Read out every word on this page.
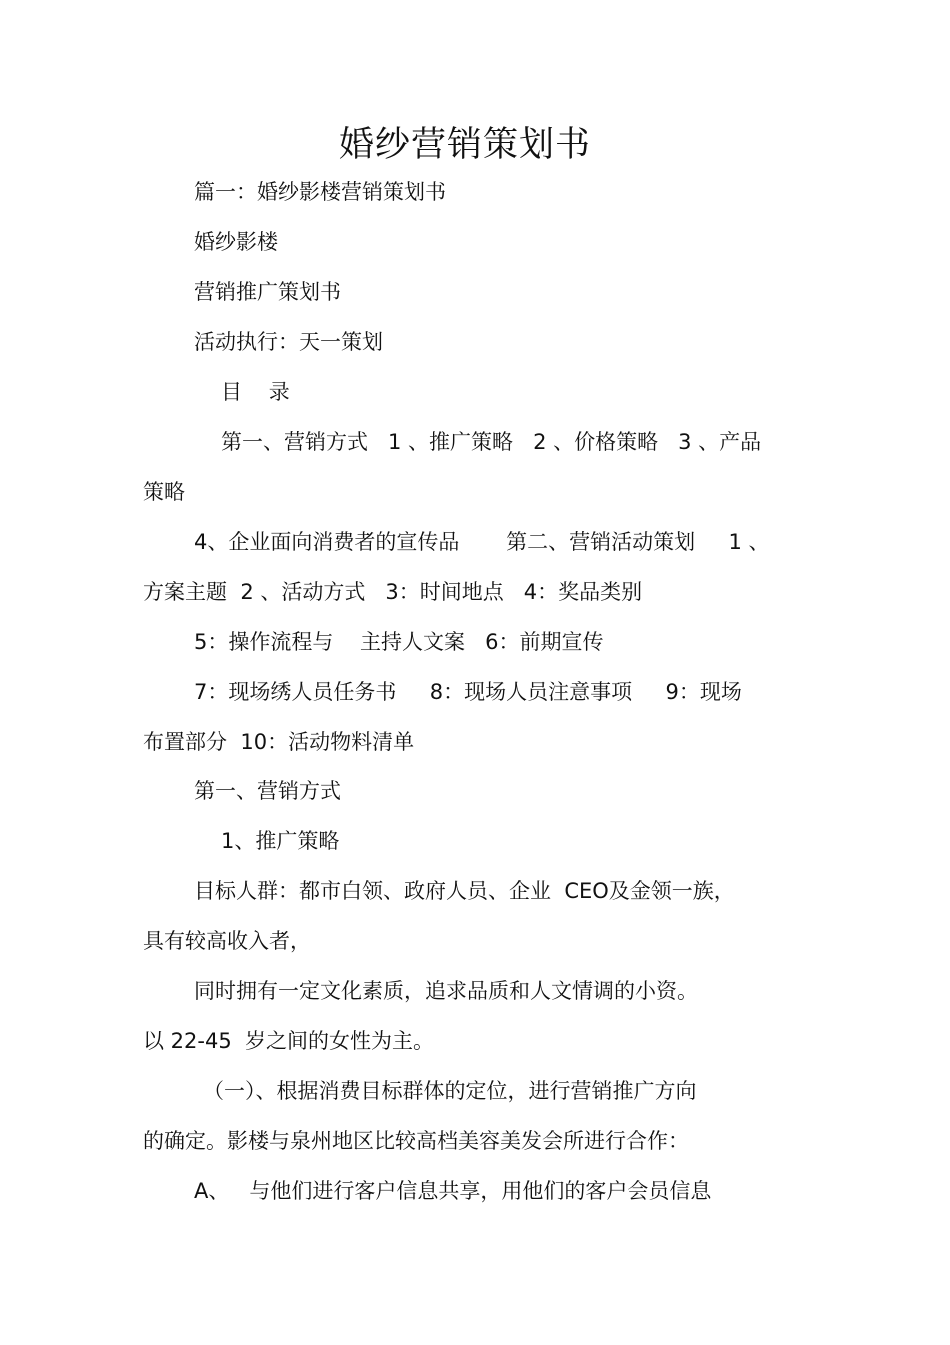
婚纱营销策划书
篇一：婚纱影楼营销策划书
婚纱影楼
营销推广策划书
活动执行：天一策划
目    录
第一、营销方式   1 、推广策略   2 、价格策略   3 、产品
策略
4、企业面向消费者的宣传品       第二、营销活动策划     1 、
方案主题  2 、活动方式   3：时间地点   4：奖品类别
5：操作流程与    主持人文案   6：前期宣传
7：现场绣人员任务书     8：现场人员注意事项     9：现场
布置部分  10：活动物料清单
第一、营销方式
1、推广策略
目标人群：都市白领、政府人员、企业  CEO及金领一族，
具有较高收入者，
同时拥有一定文化素质，追求品质和人文情调的小资。
以 22-45  岁之间的女性为主。
（一）、根据消费目标群体的定位，进行营销推广方向
的确定。影楼与泉州地区比较高档美容美发会所进行合作：
A、   与他们进行客户信息共享，用他们的客户会员信息
